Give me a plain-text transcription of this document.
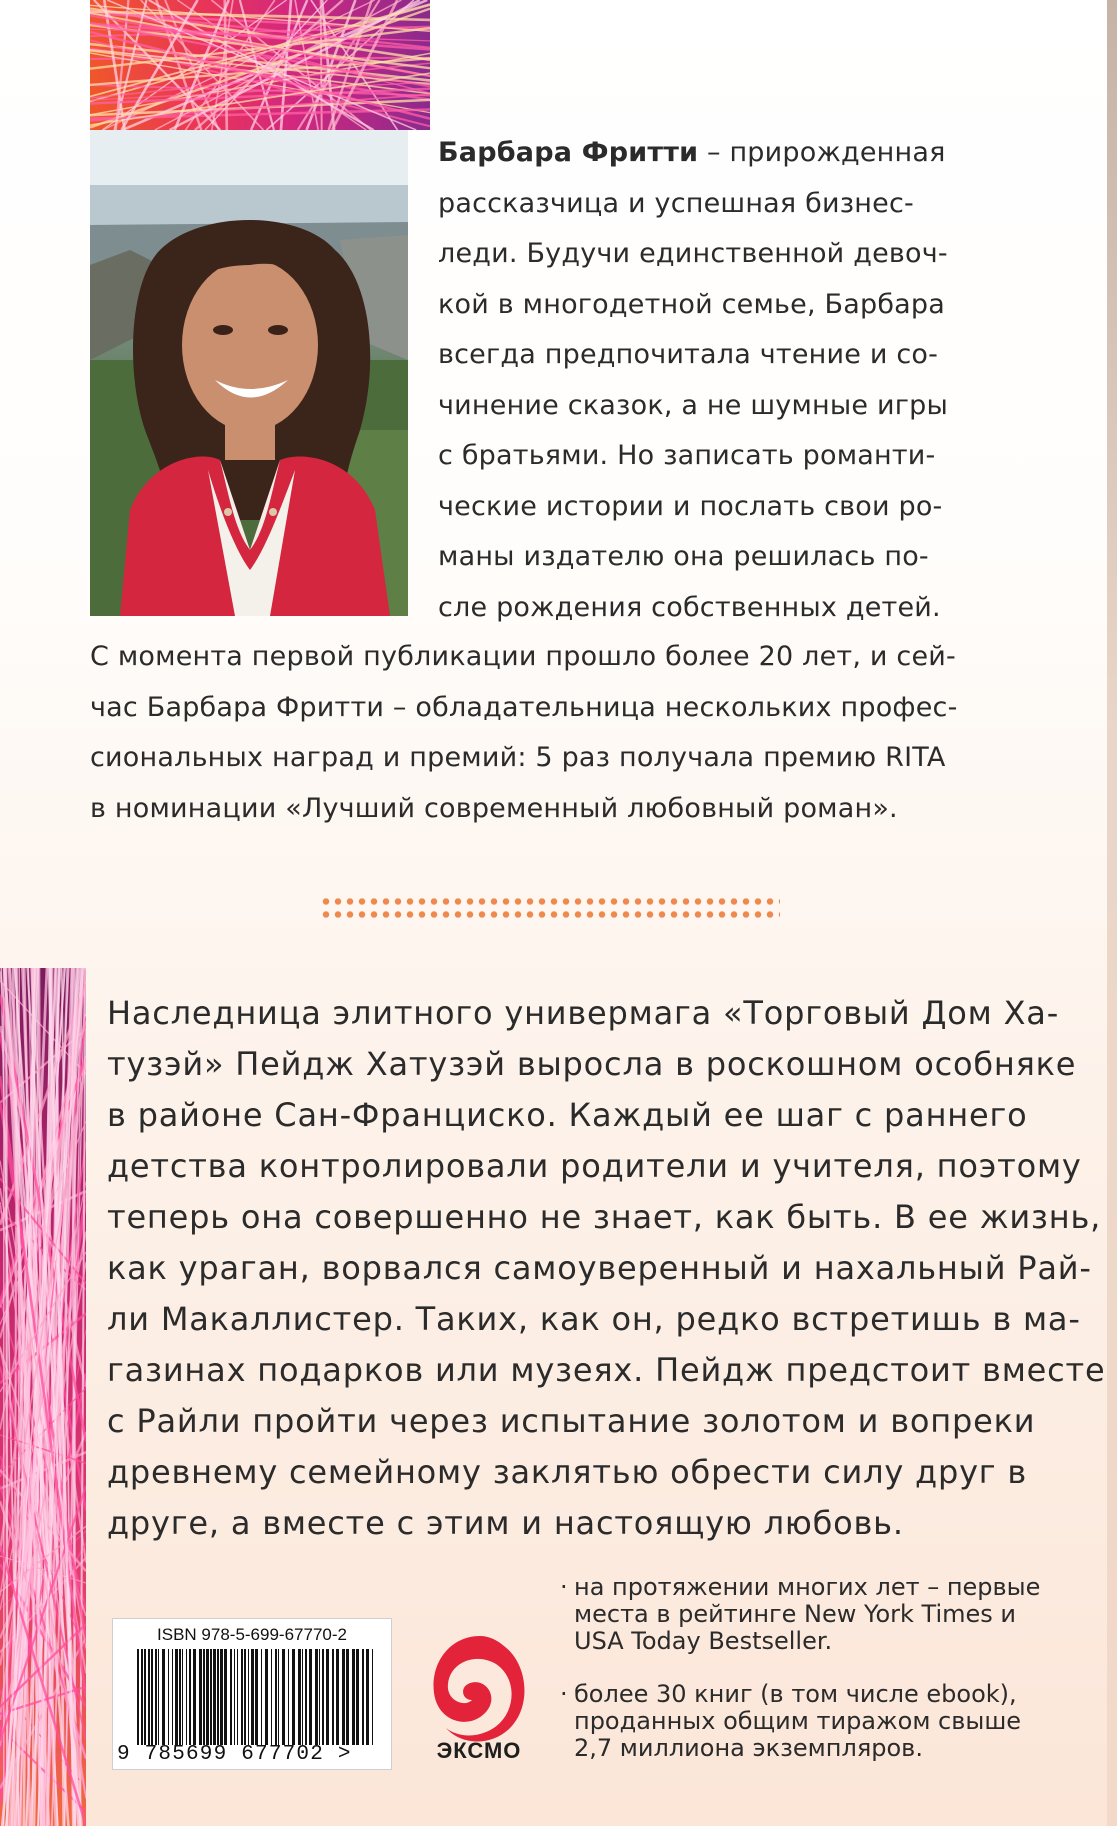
Барбара Фритти – прирожденная
рассказчица и успешная бизнес-
леди. Будучи единственной девоч-
кой в многодетной семье, Барбара
всегда предпочитала чтение и со-
чинение сказок, а не шумные игры
с братьями. Но записать романти-
ческие истории и послать свои ро-
маны издателю она решилась по-
сле рождения собственных детей.
С момента первой публикации прошло более 20 лет, и сей-
час Барбара Фритти – обладательница нескольких профес-
сиональных наград и премий: 5 раз получала премию RITA
в номинации «Лучший современный любовный роман».
Наследница элитного универмага «Торговый Дом Ха-
тузэй» Пейдж Хатузэй выросла в роскошном особняке
в районе Сан-Франциско. Каждый ее шаг с раннего
детства контролировали родители и учителя, поэтому
теперь она совершенно не знает, как быть. В ее жизнь,
как ураган, ворвался самоуверенный и нахальный Рай-
ли Макаллистер. Таких, как он, редко встретишь в ма-
газинах подарков или музеях. Пейдж предстоит вместе
с Райли пройти через испытание золотом и вопреки
древнему семейному заклятью обрести силу друг в
друге, а вместе с этим и настоящую любовь.
ISBN 978-5-699-67770-2
9 785699 677702 >	ЭКСМО
· на протяжении многих лет – первые
места в рейтинге New York Times и
USA Today Bestseller.
· более 30 книг (в том числе ebook),
проданных общим тиражом свыше
2,7 миллиона экземпляров.
